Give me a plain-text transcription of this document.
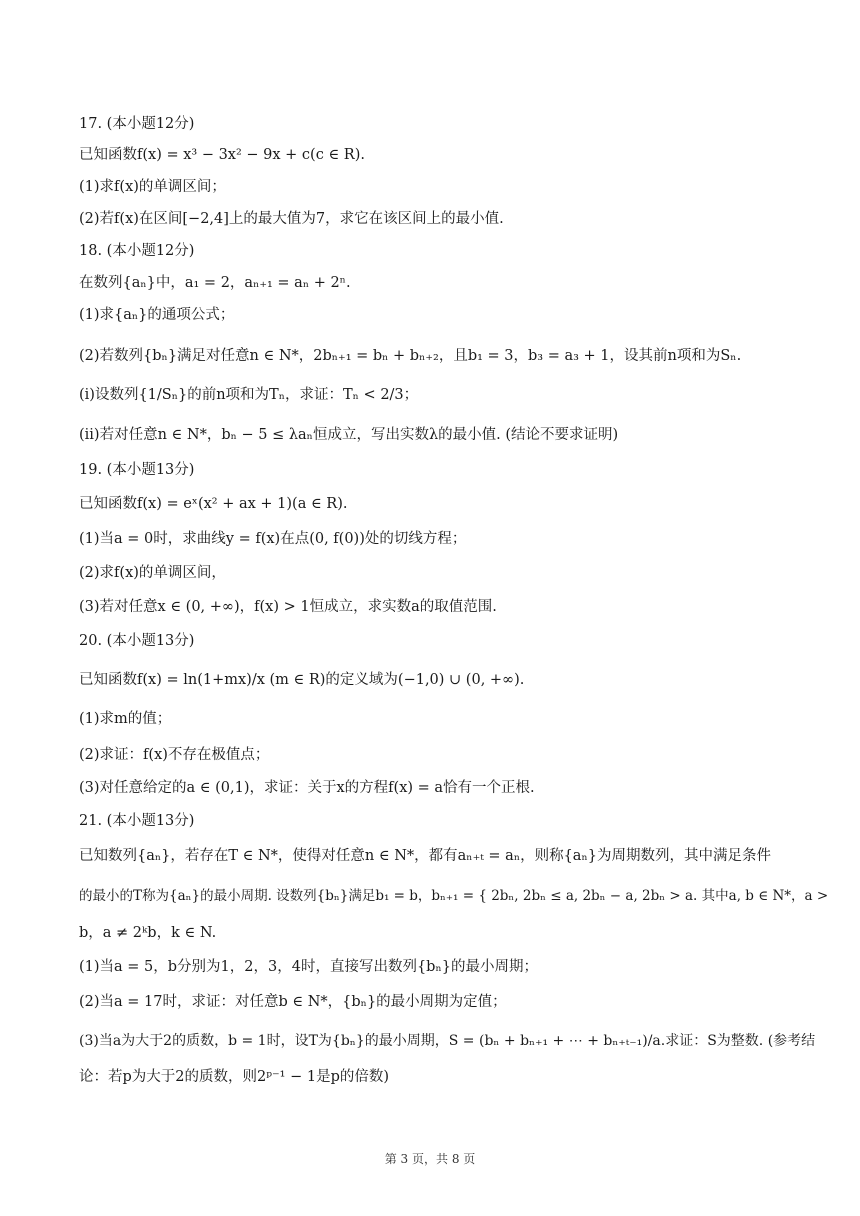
17. (本小题12分)
已知函数f(x) = x³ − 3x² − 9x + c(c ∈ R).
(1)求f(x)的单调区间；
(2)若f(x)在区间[−2,4]上的最大值为7，求它在该区间上的最小值.
18. (本小题12分)
在数列{aₙ}中，a₁ = 2，aₙ₊₁ = aₙ + 2ⁿ.
(1)求{aₙ}的通项公式；
(2)若数列{bₙ}满足对任意n ∈ N*，2bₙ₊₁ = bₙ + bₙ₊₂，且b₁ = 3，b₃ = a₃ + 1，设其前n项和为Sₙ.
(ⅰ)设数列{1/Sₙ}的前n项和为Tₙ，求证：Tₙ < 2/3；
(ⅱ)若对任意n ∈ N*，bₙ − 5 ≤ λaₙ恒成立，写出实数λ的最小值. (结论不要求证明)
19. (本小题13分)
已知函数f(x) = eˣ(x² + ax + 1)(a ∈ R).
(1)当a = 0时，求曲线y = f(x)在点(0, f(0))处的切线方程；
(2)求f(x)的单调区间，
(3)若对任意x ∈ (0, +∞)，f(x) > 1恒成立，求实数a的取值范围.
20. (本小题13分)
已知函数f(x) = ln(1+mx)/x (m ∈ R)的定义域为(−1,0) ∪ (0, +∞).
(1)求m的值；
(2)求证：f(x)不存在极值点；
(3)对任意给定的a ∈ (0,1)，求证：关于x的方程f(x) = a恰有一个正根.
21. (本小题13分)
已知数列{aₙ}，若存在T ∈ N*，使得对任意n ∈ N*，都有aₙ₊ₜ = aₙ，则称{aₙ}为周期数列，其中满足条件
的最小的T称为{aₙ}的最小周期. 设数列{bₙ}满足b₁ = b，bₙ₊₁ = { 2bₙ, 2bₙ ≤ a, 2bₙ − a, 2bₙ > a. 其中a, b ∈ N*，a >
b，a ≠ 2ᵏb，k ∈ N.
(1)当a = 5，b分别为1，2，3，4时，直接写出数列{bₙ}的最小周期；
(2)当a = 17时，求证：对任意b ∈ N*，{bₙ}的最小周期为定值；
(3)当a为大于2的质数，b = 1时，设T为{bₙ}的最小周期，S = (bₙ + bₙ₊₁ + ⋯ + bₙ₊ₜ₋₁)/a.求证：S为整数. (参考结
论：若p为大于2的质数，则2ᵖ⁻¹ − 1是p的倍数)
第 3 页，共 8 页
